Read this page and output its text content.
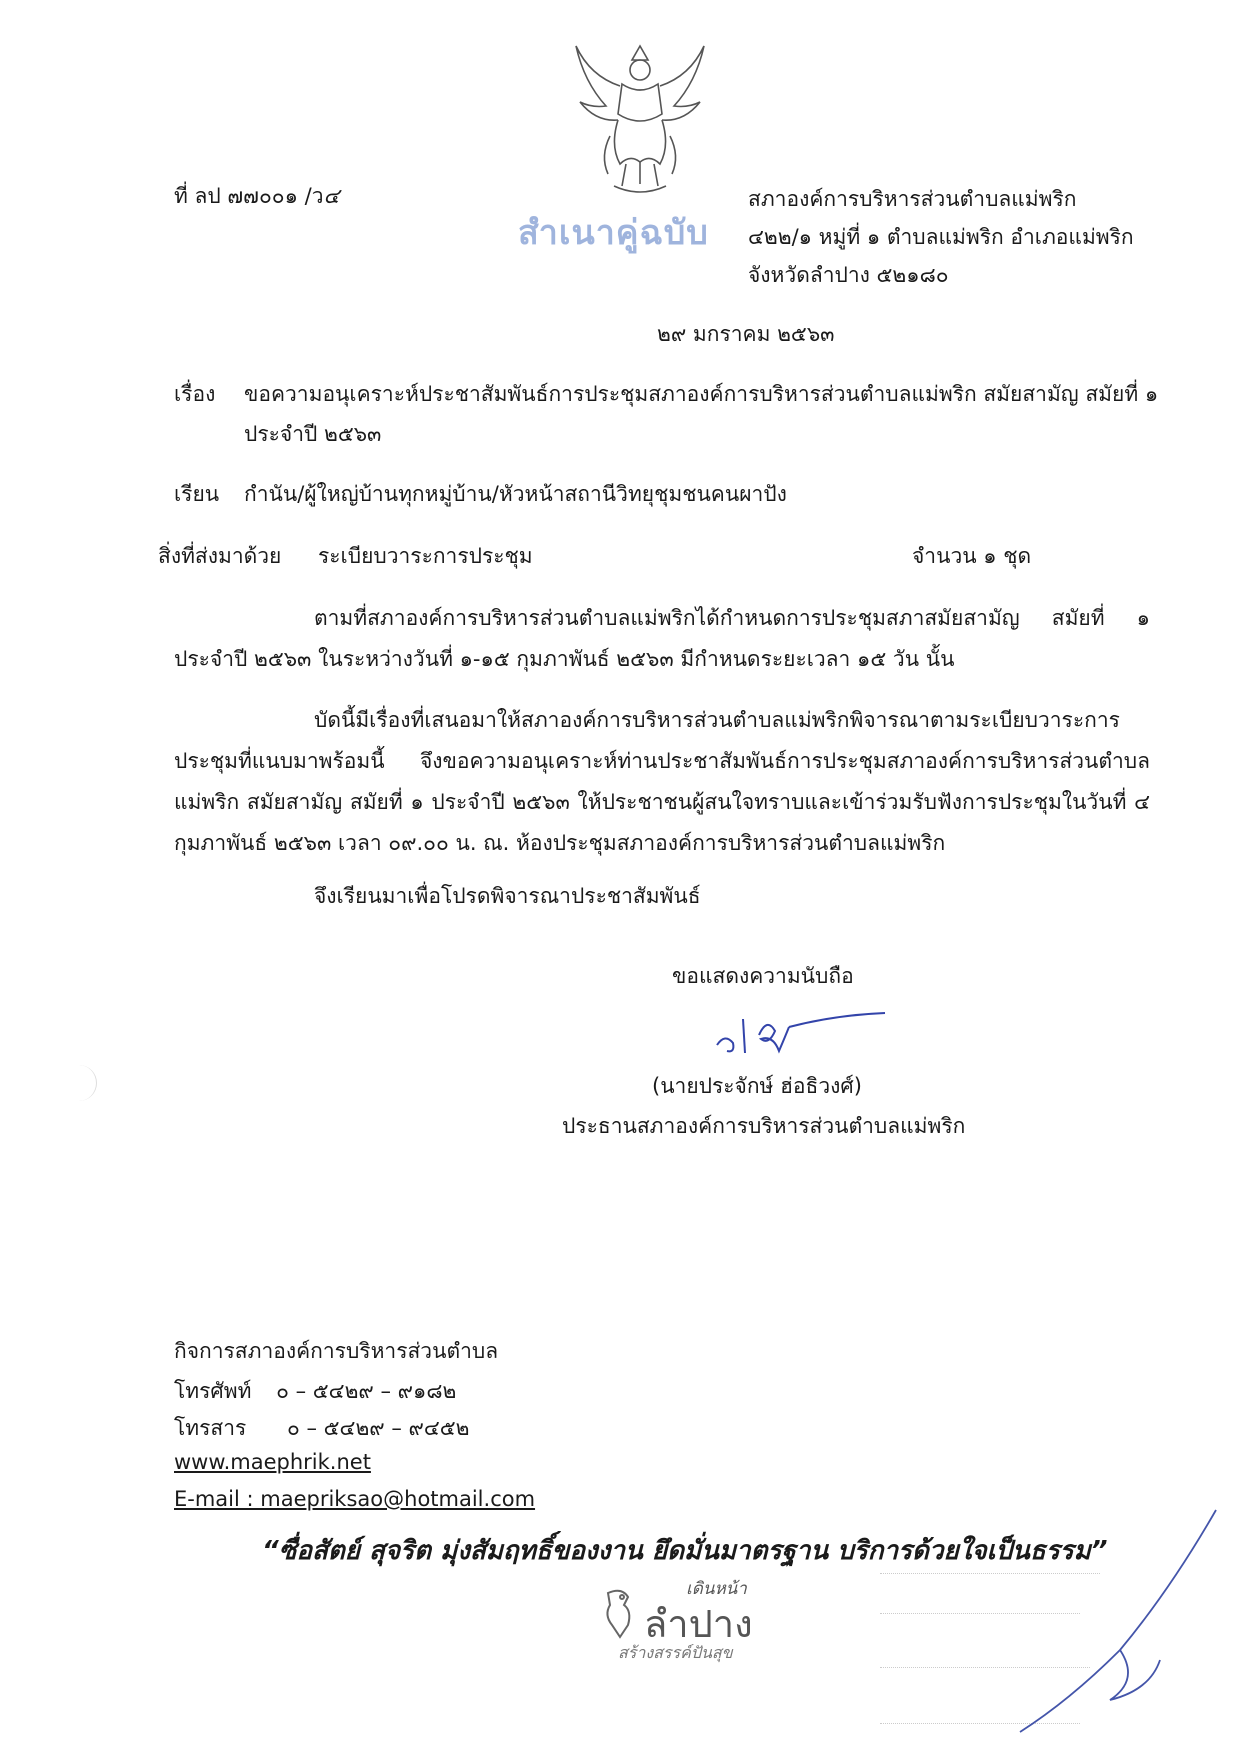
สำเนาคู่ฉบับ
ที่ ลป ๗๗๐๐๑ /ว๔	สภาองค์การบริหารส่วนตำบลแม่พริก
๔๒๒/๑ หมู่ที่ ๑ ตำบลแม่พริก อำเภอแม่พริก
จังหวัดลำปาง ๕๒๑๘๐
๒๙ มกราคม ๒๕๖๓
เรื่อง ขอความอนุเคราะห์ประชาสัมพันธ์การประชุมสภาองค์การบริหารส่วนตำบลแม่พริก สมัยสามัญ สมัยที่ ๑
ประจำปี ๒๕๖๓
เรียน กำนัน/ผู้ใหญ่บ้านทุกหมู่บ้าน/หัวหน้าสถานีวิทยุชุมชนคนผาปัง
สิ่งที่ส่งมาด้วย ระเบียบวาระการประชุม	จำนวน ๑ ชุด
ตามที่สภาองค์การบริหารส่วนตำบลแม่พริกได้กำหนดการประชุมสภาสมัยสามัญ สมัยที่ ๑ ประจำปี ๒๕๖๓ ในระหว่างวันที่ ๑-๑๕ กุมภาพันธ์ ๒๕๖๓ มีกำหนดระยะเวลา ๑๕ วัน นั้น
บัดนี้มีเรื่องที่เสนอมาให้สภาองค์การบริหารส่วนตำบลแม่พริกพิจารณาตามระเบียบวาระการประชุมที่แนบมาพร้อมนี้ จึงขอความอนุเคราะห์ท่านประชาสัมพันธ์การประชุมสภาองค์การบริหารส่วนตำบลแม่พริก สมัยสามัญ สมัยที่ ๑ ประจำปี ๒๕๖๓ ให้ประชาชนผู้สนใจทราบและเข้าร่วมรับฟังการประชุมในวันที่ ๔ กุมภาพันธ์ ๒๕๖๓ เวลา ๐๙.๐๐ น. ณ. ห้องประชุมสภาองค์การบริหารส่วนตำบลแม่พริก
จึงเรียนมาเพื่อโปรดพิจารณาประชาสัมพันธ์
ขอแสดงความนับถือ
(นายประจักษ์ ฮ่อธิวงศ์)
ประธานสภาองค์การบริหารส่วนตำบลแม่พริก
กิจการสภาองค์การบริหารส่วนตำบล
โทรศัพท์ ๐ – ๕๔๒๙ – ๙๑๘๒
โทรสาร ๐ – ๕๔๒๙ – ๙๔๕๒
www.maephrik.net
E-mail : maepriksao@hotmail.com
“ซื่อสัตย์ สุจริต มุ่งสัมฤทธิ์ของงาน ยึดมั่นมาตรฐาน บริการด้วยใจเป็นธรรม”
เดินหน้า
ลำปาง
สร้างสรรค์ปันสุข
